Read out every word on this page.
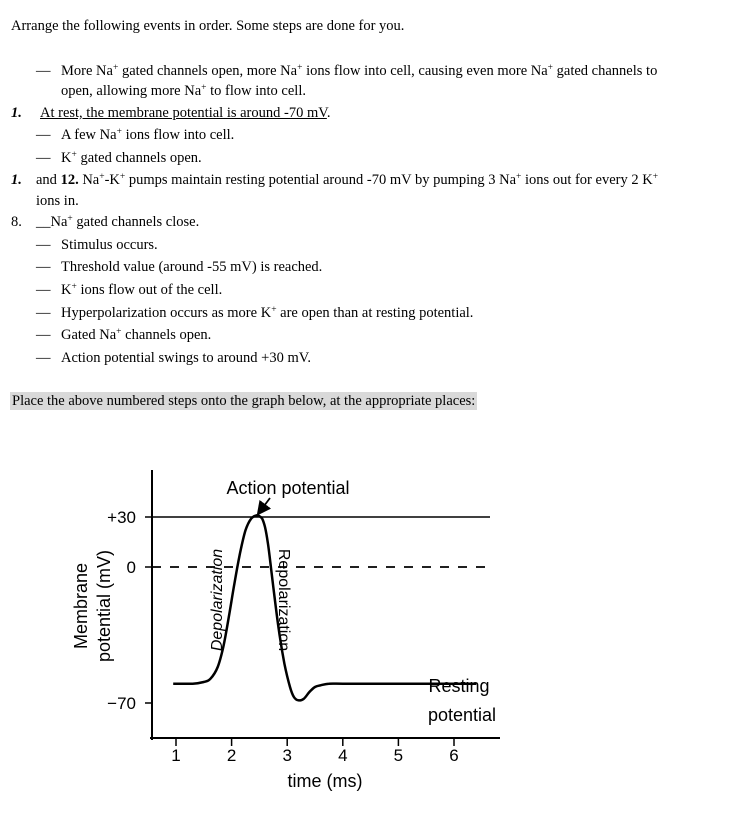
Arrange the following events in order. Some steps are done for you.
— More Na+ gated channels open, more Na+ ions flow into cell, causing even more Na+ gated channels to
open, allowing more Na+ to flow into cell.
1. At rest, the membrane potential is around -70 mV.
— A few Na+ ions flow into cell.
— K+ gated channels open.
1. and 12. Na+-K+ pumps maintain resting potential around -70 mV by pumping 3 Na+ ions out for every 2 K+
ions in.
8. __Na+ gated channels close.
— Stimulus occurs.
— Threshold value (around -55 mV) is reached.
— K+ ions flow out of the cell.
— Hyperpolarization occurs as more K+ are open than at resting potential.
— Gated Na+ channels open.
— Action potential swings to around +30 mV.
Place the above numbered steps onto the graph below, at the appropriate places:
+30
0
−70
Membrane potential (mV)
1	2	3	4	5	6
time (ms)
Action potential
Depolarization	Repolarization
Resting
potential
